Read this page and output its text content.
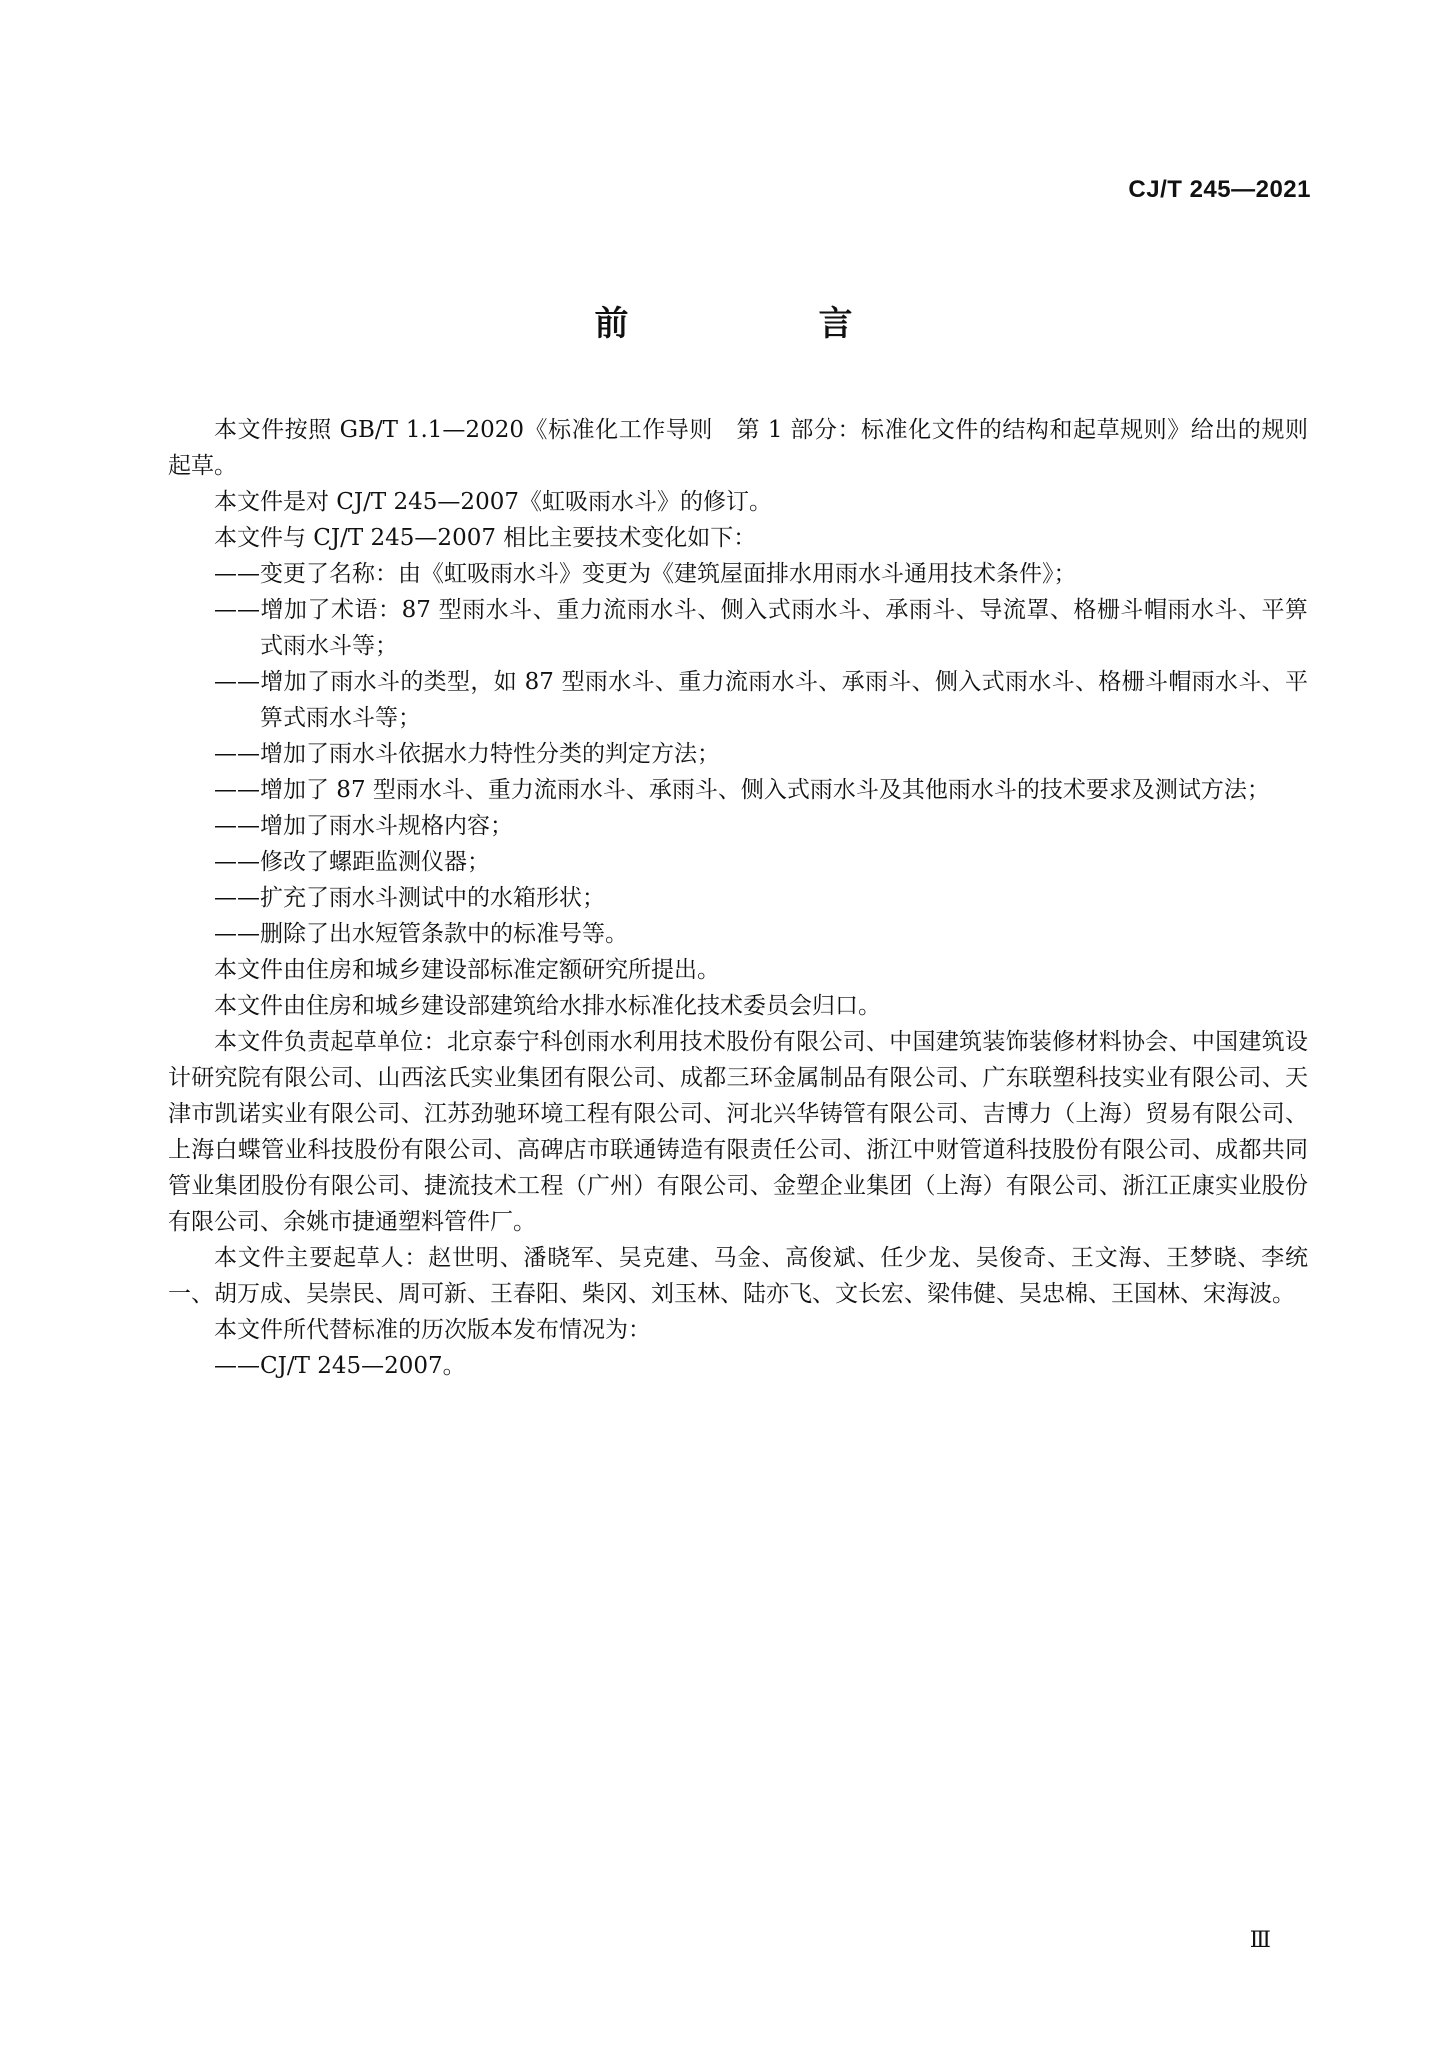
CJ/T 245—2021
前　言

本文件按照 GB/T 1.1—2020《标准化工作导则　第 1 部分：标准化文件的结构和起草规则》给出的规则起草。

本文件是对 CJ/T 245—2007《虹吸雨水斗》的修订。

本文件与 CJ/T 245—2007 相比主要技术变化如下：

——变更了名称：由《虹吸雨水斗》变更为《建筑屋面排水用雨水斗通用技术条件》；

——增加了术语：87 型雨水斗、重力流雨水斗、侧入式雨水斗、承雨斗、导流罩、格栅斗帽雨水斗、平箅式雨水斗等；

——增加了雨水斗的类型，如 87 型雨水斗、重力流雨水斗、承雨斗、侧入式雨水斗、格栅斗帽雨水斗、平箅式雨水斗等；

——增加了雨水斗依据水力特性分类的判定方法；

——增加了 87 型雨水斗、重力流雨水斗、承雨斗、侧入式雨水斗及其他雨水斗的技术要求及测试方法；

——增加了雨水斗规格内容；

——修改了螺距监测仪器；

——扩充了雨水斗测试中的水箱形状；

——删除了出水短管条款中的标准号等。

本文件由住房和城乡建设部标准定额研究所提出。

本文件由住房和城乡建设部建筑给水排水标准化技术委员会归口。

本文件负责起草单位：北京泰宁科创雨水利用技术股份有限公司、中国建筑装饰装修材料协会、中国建筑设计研究院有限公司、山西泫氏实业集团有限公司、成都三环金属制品有限公司、广东联塑科技实业有限公司、天津市凯诺实业有限公司、江苏劲驰环境工程有限公司、河北兴华铸管有限公司、吉博力（上海）贸易有限公司、上海白蝶管业科技股份有限公司、高碑店市联通铸造有限责任公司、浙江中财管道科技股份有限公司、成都共同管业集团股份有限公司、捷流技术工程（广州）有限公司、金塑企业集团（上海）有限公司、浙江正康实业股份有限公司、余姚市捷通塑料管件厂。

本文件主要起草人：赵世明、潘晓军、吴克建、马金、高俊斌、任少龙、吴俊奇、王文海、王梦晓、李统一、胡万成、吴崇民、周可新、王春阳、柴冈、刘玉林、陆亦飞、文长宏、梁伟健、吴忠棉、王国林、宋海波。

本文件所代替标准的历次版本发布情况为：

——CJ/T 245—2007。

Ⅲ
